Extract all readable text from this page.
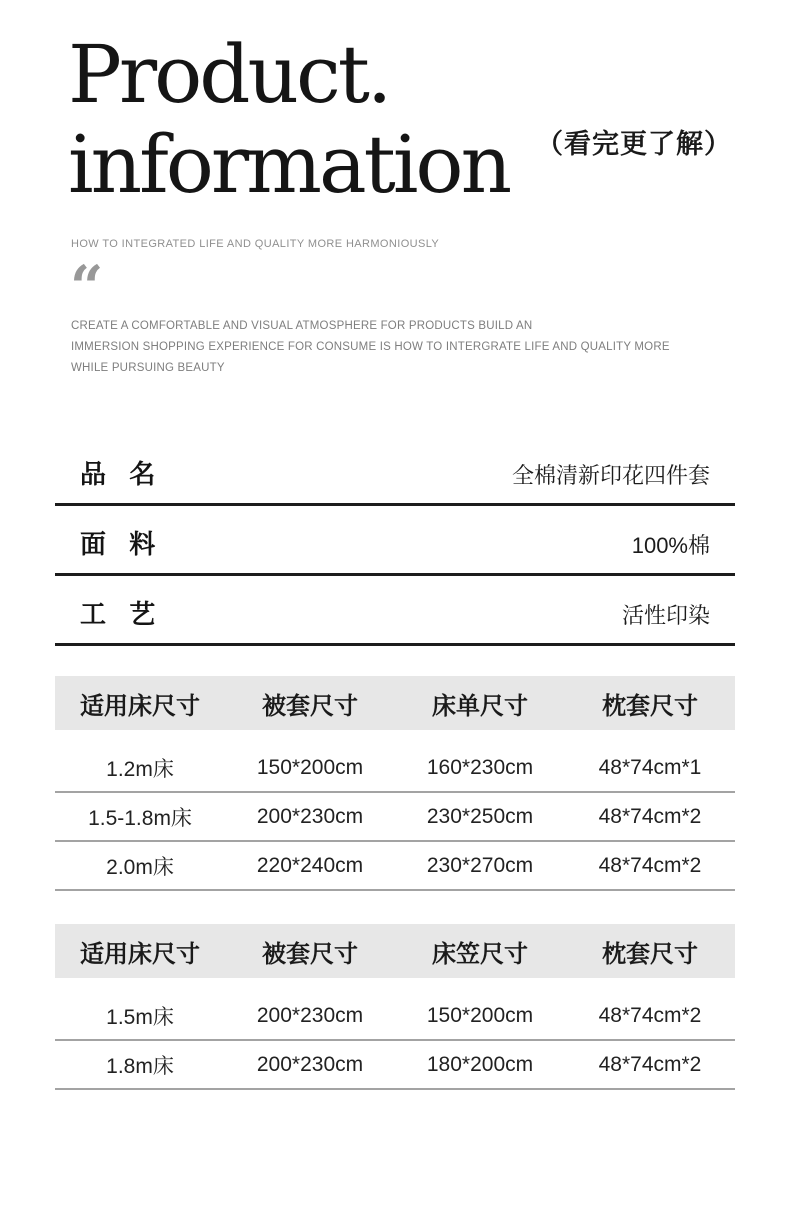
Product.
information （看完更了解）
HOW TO INTEGRATED LIFE AND QUALITY MORE HARMONIOUSLY
“
CREATE A COMFORTABLE AND VISUAL ATMOSPHERE FOR PRODUCTS BUILD AN
IMMERSION SHOPPING EXPERIENCE FOR CONSUME IS HOW TO INTERGRATE LIFE AND QUALITY MORE
WHILE PURSUING BEAUTY
品 名	全棉清新印花四件套
面 料	100%棉
工 艺	活性印染
适用床尺寸	被套尺寸	床单尺寸	枕套尺寸
1.2m床	150*200cm	160*230cm	48*74cm*1
1.5-1.8m床	200*230cm	230*250cm	48*74cm*2
2.0m床	220*240cm	230*270cm	48*74cm*2
适用床尺寸	被套尺寸	床笠尺寸	枕套尺寸
1.5m床	200*230cm	150*200cm	48*74cm*2
1.8m床	200*230cm	180*200cm	48*74cm*2
